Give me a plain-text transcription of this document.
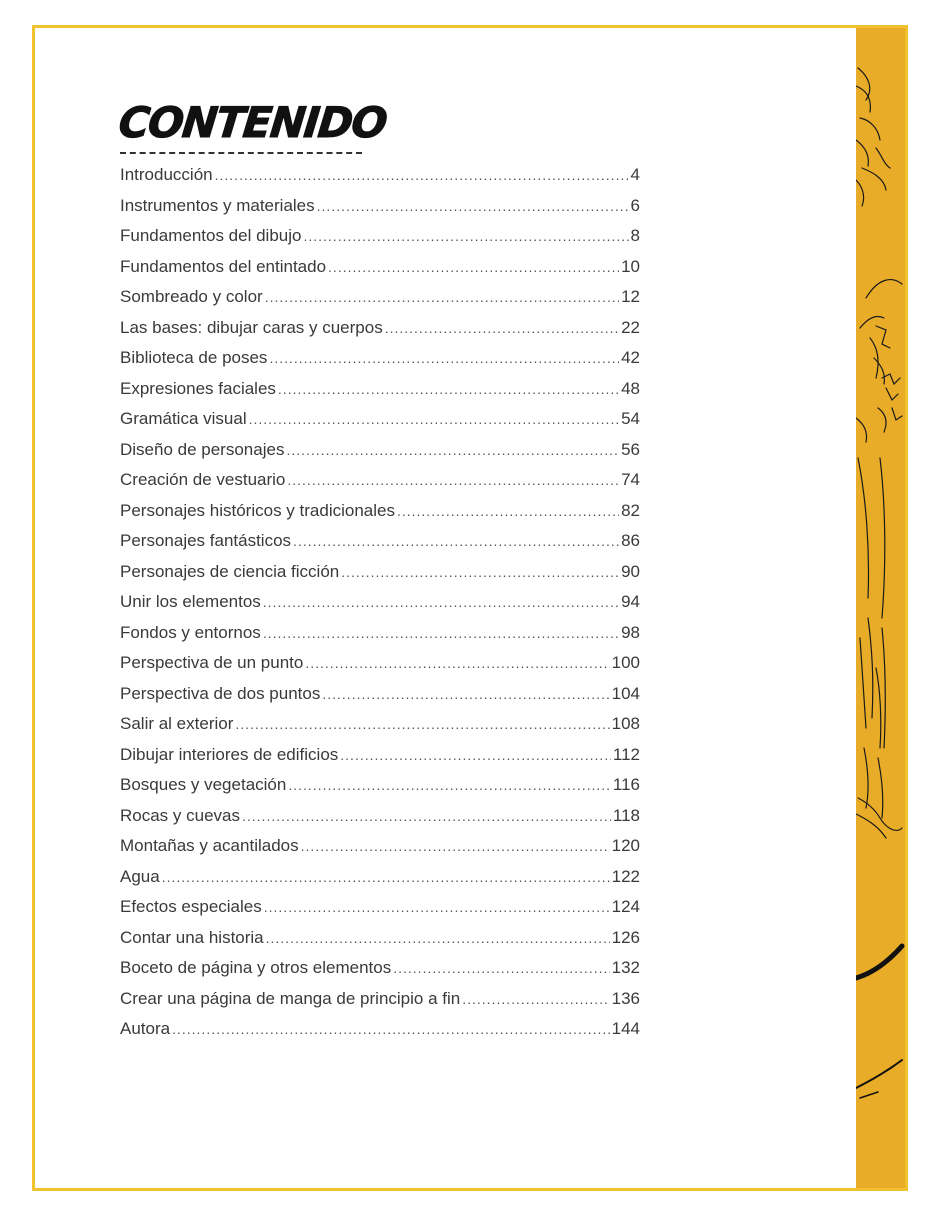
CONTENIDO
Introducción .....	4
Instrumentos y materiales .....	6
Fundamentos del dibujo .....	8
Fundamentos del entintado .....	10
Sombreado y color .....	12
Las bases: dibujar caras y cuerpos .....	22
Biblioteca de poses .....	42
Expresiones faciales .....	48
Gramática visual .....	54
Diseño de personajes .....	56
Creación de vestuario .....	74
Personajes históricos y tradicionales .....	82
Personajes fantásticos .....	86
Personajes de ciencia ficción .....	90
Unir los elementos .....	94
Fondos y entornos .....	98
Perspectiva de un punto .....	100
Perspectiva de dos puntos .....	104
Salir al exterior .....	108
Dibujar interiores de edificios .....	112
Bosques y vegetación .....	116
Rocas y cuevas .....	118
Montañas y acantilados .....	120
Agua .....	122
Efectos especiales .....	124
Contar una historia .....	126
Boceto de página y otros elementos .....	132
Crear una página de manga de principio a fin .....	136
Autora .....	144
